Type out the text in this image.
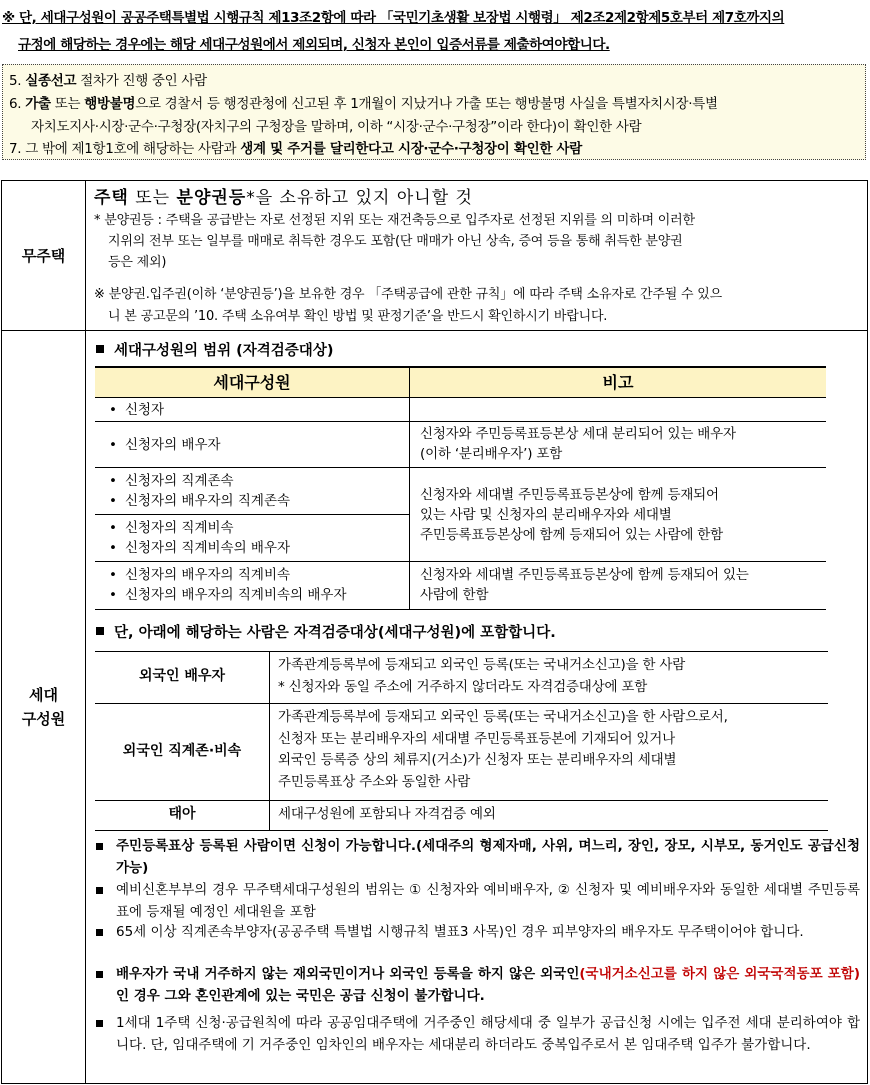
※ 단, 세대구성원이 공공주택특별법 시행규칙 제13조2항에 따라 「국민기초생활 보장법 시행령」 제2조2제2항제5호부터 제7호까지의
규정에 해당하는 경우에는 해당 세대구성원에서 제외되며, 신청자 본인이 입증서류를 제출하여야합니다.
5. 실종선고 절차가 진행 중인 사람
6. 가출 또는 행방불명으로 경찰서 등 행정관청에 신고된 후 1개월이 지났거나 가출 또는 행방불명 사실을 특별자치시장·특별
자치도지사·시장·군수·구청장(자치구의 구청장을 말하며, 이하 “시장·군수·구청장”이라 한다)이 확인한 사람
7. 그 밖에 제1항1호에 해당하는 사람과 생계 및 주거를 달리한다고 시장·군수·구청장이 확인한 사람
무주택
세대
구성원
주택 또는 분양권등*을 소유하고 있지 아니할 것
* 분양권등 : 주택을 공급받는 자로 선정된 지위 또는 재건축등으로 입주자로 선정된 지위를 의 미하며 이러한
지위의 전부 또는 일부를 매매로 취득한 경우도 포함(단 매매가 아닌 상속, 증여 등을 통해 취득한 분양권
등은 제외)
※ 분양권.입주권(이하 ‘분양권등’)을 보유한 경우 「주택공급에 관한 규칙」에 따라 주택 소유자로 간주될 수 있으
니 본 공고문의 ’10. 주택 소유여부 확인 방법 및 판정기준’을 반드시 확인하시기 바랍니다.
세대구성원의 범위 (자격검증대상)
세대구성원	비고
• 신청자
• 신청자의 배우자
신청자와 주민등록표등본상 세대 분리되어 있는 배우자
(이하 ‘분리배우자’) 포함
• 신청자의 직계존속
• 신청자의 배우자의 직계존속
• 신청자의 직계비속
• 신청자의 직계비속의 배우자
신청자와 세대별 주민등록표등본상에 함께 등재되어
있는 사람 및 신청자의 분리배우자와 세대별
주민등록표등본상에 함께 등재되어 있는 사람에 한함
• 신청자의 배우자의 직계비속
• 신청자의 배우자의 직계비속의 배우자
신청자와 세대별 주민등록표등본상에 함께 등재되어 있는
사람에 한함
단, 아래에 해당하는 사람은 자격검증대상(세대구성원)에 포함합니다.
외국인 배우자
가족관계등록부에 등재되고 외국인 등록(또는 국내거소신고)을 한 사람
* 신청자와 동일 주소에 거주하지 않더라도 자격검증대상에 포함
외국인 직계존·비속
가족관계등록부에 등재되고 외국인 등록(또는 국내거소신고)을 한 사람으로서,
신청자 또는 분리배우자의 세대별 주민등록표등본에 기재되어 있거나
외국인 등록증 상의 체류지(거소)가 신청자 또는 분리배우자의 세대별
주민등록표상 주소와 동일한 사람
태아	세대구성원에 포함되나 자격검증 예외
주민등록표상 등록된 사람이면 신청이 가능합니다.(세대주의 형제자매, 사위, 며느리, 장인, 장모, 시부모, 동거인도 공급신청 가능)
예비신혼부부의 경우 무주택세대구성원의 범위는 ① 신청자와 예비배우자, ② 신청자 및 예비배우자와 동일한 세대별 주민등록표에 등재될 예정인 세대원을 포함
65세 이상 직계존속부양자(공공주택 특별법 시행규칙 별표3 사목)인 경우 피부양자의 배우자도 무주택이어야 합니다.
배우자가 국내 거주하지 않는 재외국민이거나 외국인 등록을 하지 않은 외국인(국내거소신고를 하지 않은 외국국적동포 포함)인 경우 그와 혼인관계에 있는 국민은 공급 신청이 불가합니다.
1세대 1주택 신청·공급원칙에 따라 공공임대주택에 거주중인 해당세대 중 일부가 공급신청 시에는 입주전 세대 분리하여야 합니다. 단, 임대주택에 기 거주중인 임차인의 배우자는 세대분리 하더라도 중복입주로서 본 임대주택 입주가 불가합니다.
